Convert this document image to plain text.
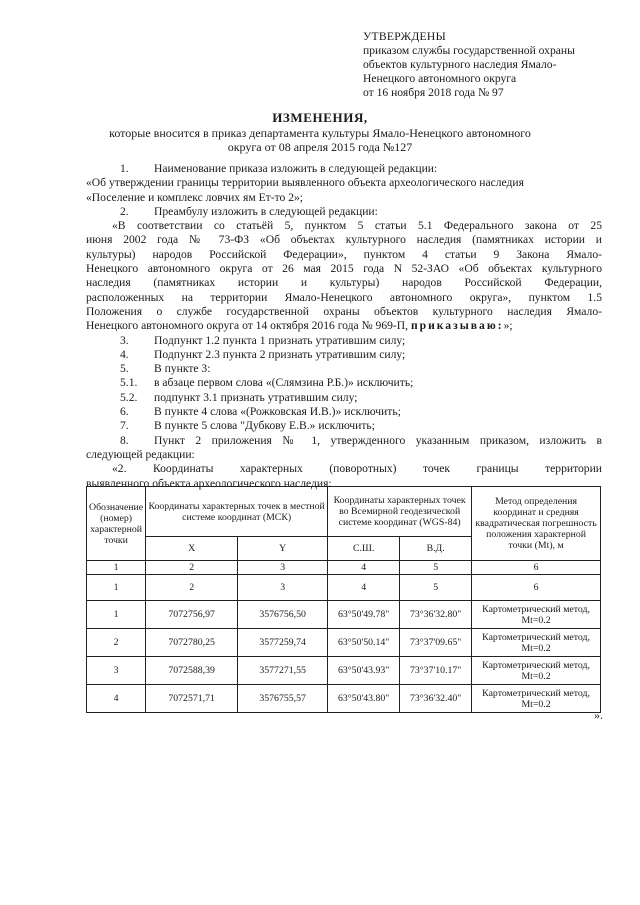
УТВЕРЖДЕНЫ
приказом службы государственной охраны
объектов культурного наследия Ямало-
Ненецкого автономного округа
от 16 ноября 2018 года № 97
ИЗМЕНЕНИЯ,
которые вносится в приказ департамента культуры Ямало-Ненецкого автономного
округа от 08 апреля 2015 года №127

1. Наименование приказа изложить в следующей редакции:

«Об утверждении границы территории выявленного объекта археологического наследия

«Поселение и комплекс ловчих ям Ет-то 2»;

2. Преамбулу изложить в следующей редакции:

«В соответствии со статьёй 5, пунктом 5 статьи 5.1 Федерального закона от 25

июня 2002 года № 73-ФЗ «Об объектах культурного наследия (памятниках истории и

культуры) народов Российской Федерации», пунктом 4 статьи 9 Закона Ямало-

Ненецкого автономного округа от 26 мая 2015 года N 52-ЗАО «Об объектах культурного

наследия (памятниках истории и культуры) народов Российской Федерации,

расположенных на территории Ямало-Ненецкого автономного округа», пунктом 1.5

Положения о службе государственной охраны объектов культурного наследия Ямало-

Ненецкого автономного округа от 14 октября 2016 года № 969-П, приказываю:»;

3. Подпункт 1.2 пункта 1 признать утратившим силу;

4. Подпункт 2.3 пункта 2 признать утратившим силу;

5. В пункте 3:

5.1. в абзаце первом слова «(Слямзина Р.Б.)» исключить;

5.2. подпункт 3.1 признать утратившим силу;

6. В пункте 4 слова «(Рожковская И.В.)» исключить;

7. В пункте 5 слова "Дубкову Е.В.» исключить;

8. Пункт 2 приложения № 1, утвержденного указанным приказом, изложить в

следующей редакции:

«2. Координаты характерных (поворотных) точек границы территории

выявленного объекта археологического наследия:

Обозначение (номер) характерной точки	Координаты характерных точек в местной системе координат (МСК)		Координаты характерных точек во Всемирной геодезической системе координат (WGS-84)		Метод определения координат и средняя квадратическая погрешность положения характерной точки (Mt), м
	X	Y	С.Ш.	В.Д.	
1	2	3	4	5	6
1	2	3	4	5	6
1	7072756,97	3576756,50	63°50'49.78"	73°36'32.80"	Картометрический метод, Mt=0.2
2	7072780,25	3577259,74	63°50'50.14"	73°37'09.65"	Картометрический метод, Mt=0.2
3	7072588,39	3577271,55	63°50'43.93"	73°37'10.17"	Картометрический метод, Mt=0.2
4	7072571,71	3576755,57	63°50'43.80"	73°36'32.40"	Картометрический метод, Mt=0.2
».
